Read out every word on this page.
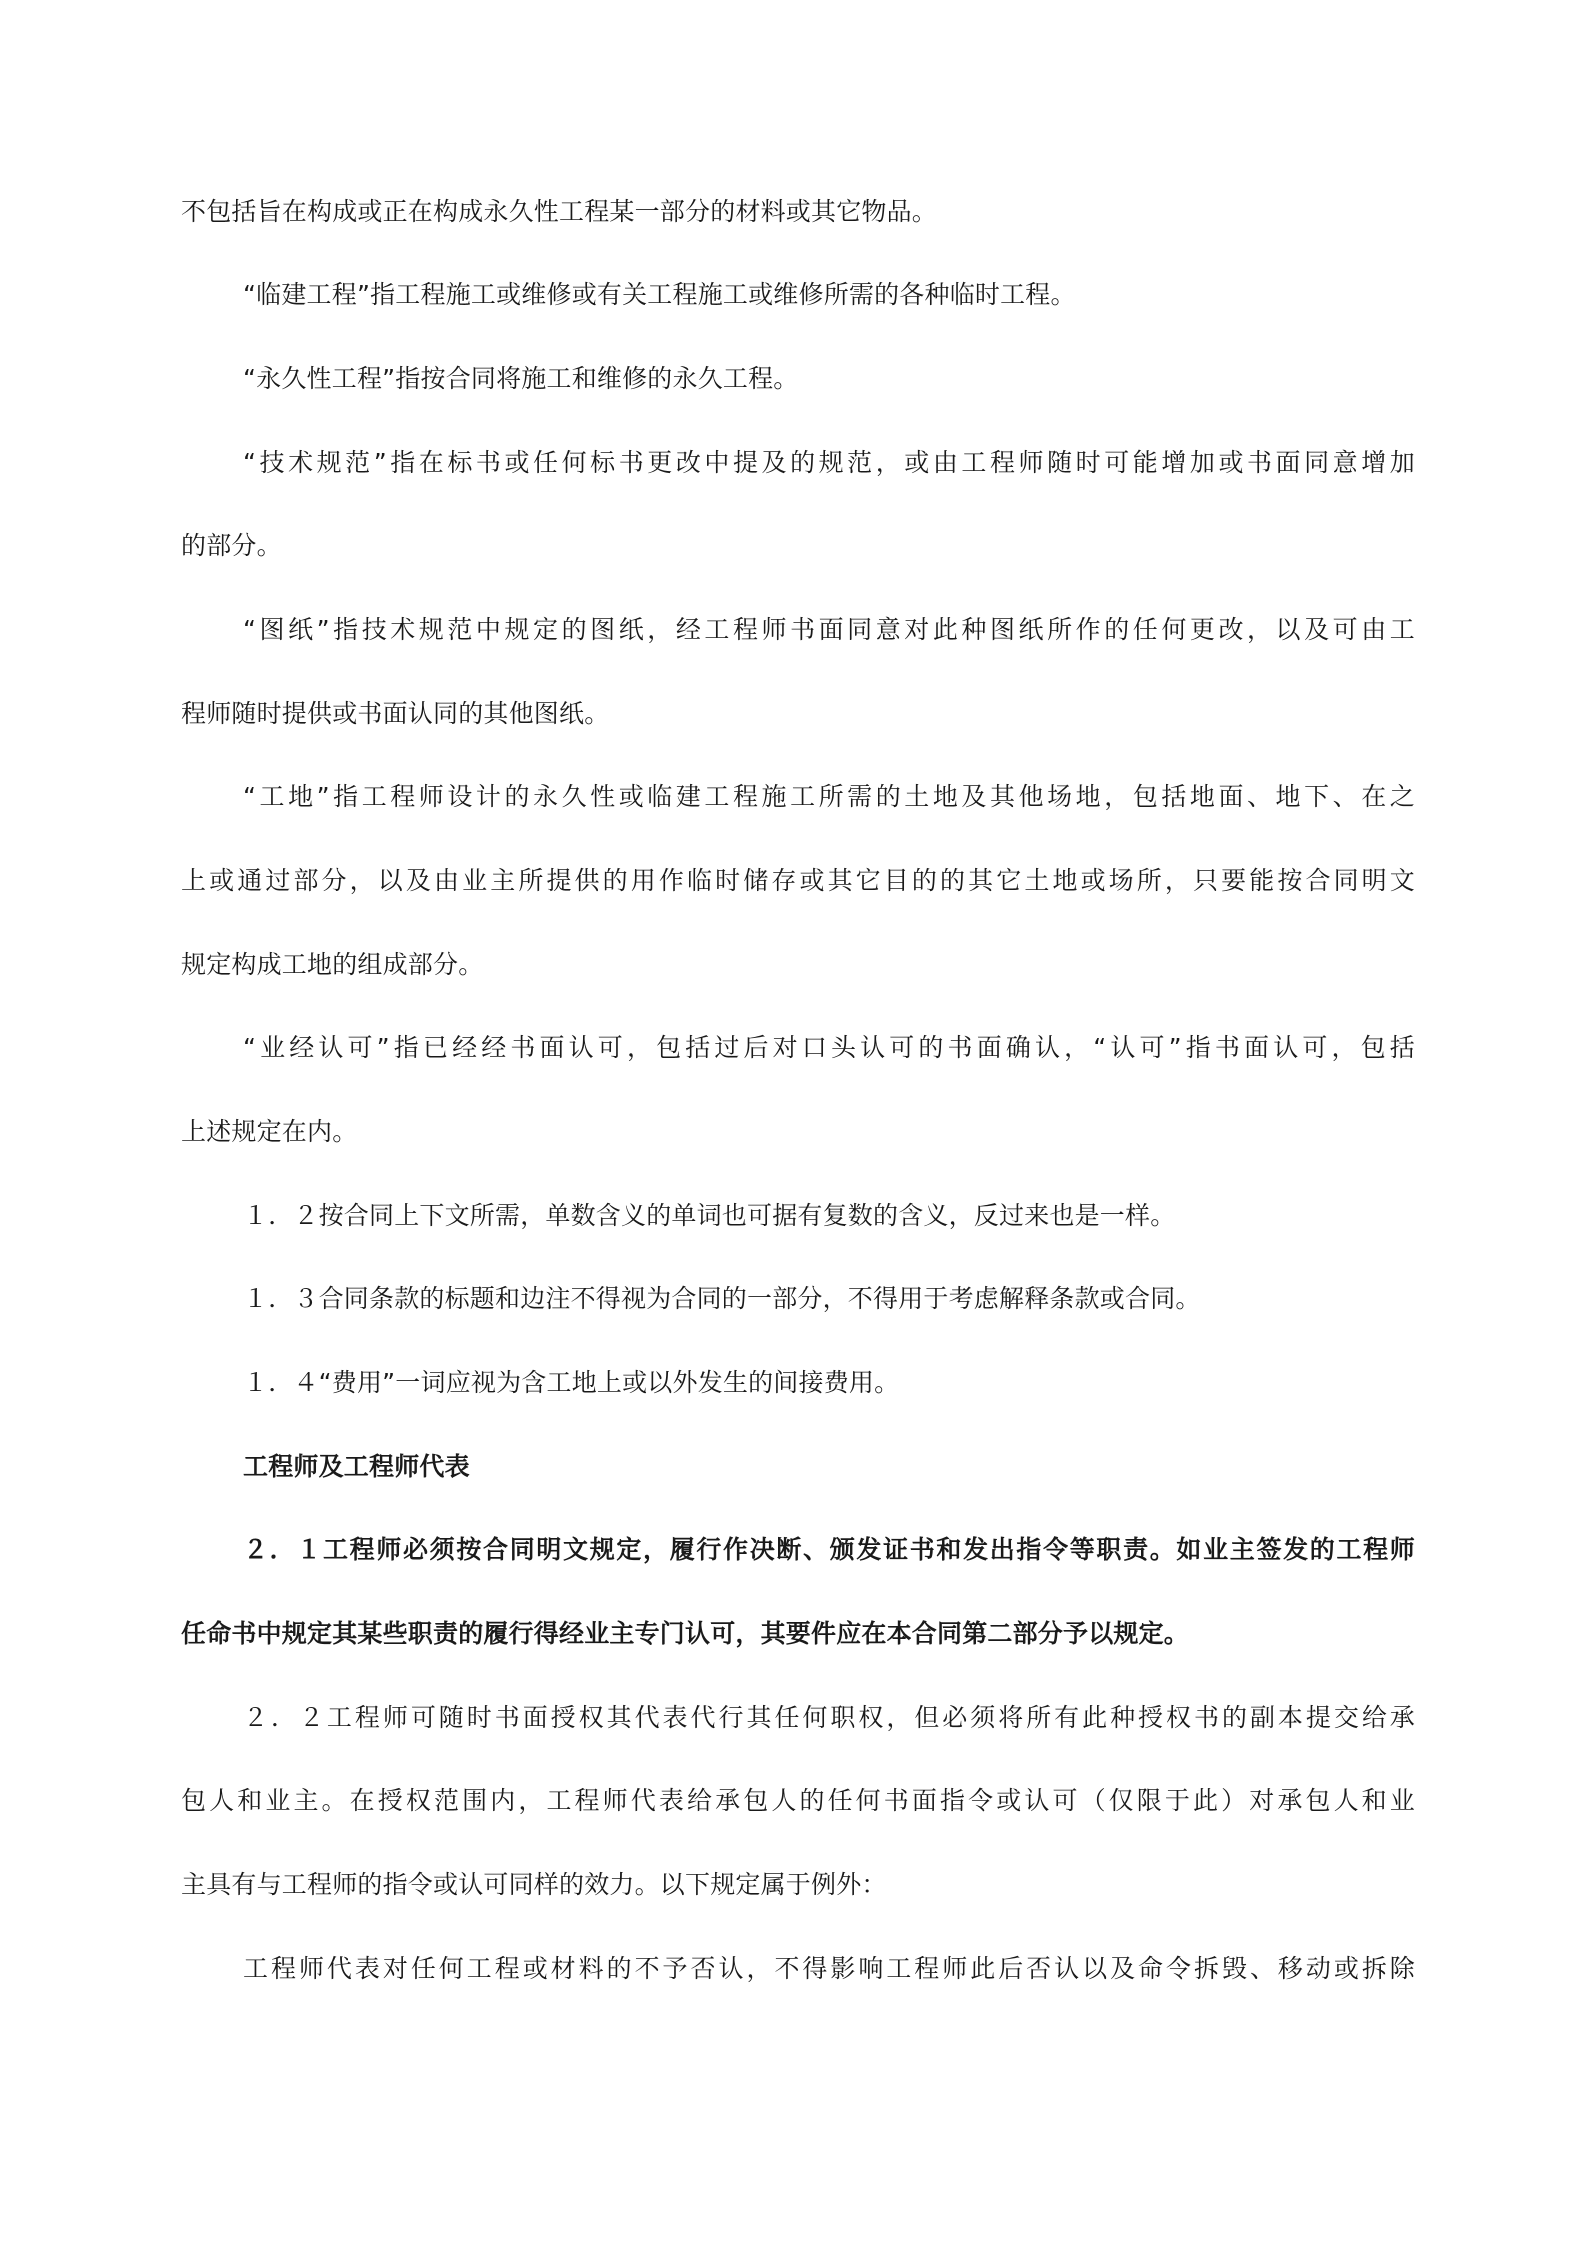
不包括旨在构成或正在构成永久性工程某一部分的材料或其它物品。
“临建工程”指工程施工或维修或有关工程施工或维修所需的各种临时工程。
“永久性工程”指按合同将施工和维修的永久工程。
“技术规范”指在标书或任何标书更改中提及的规范，或由工程师随时可能增加或书面同意增加
的部分。
“图纸”指技术规范中规定的图纸，经工程师书面同意对此种图纸所作的任何更改，以及可由工
程师随时提供或书面认同的其他图纸。
“工地”指工程师设计的永久性或临建工程施工所需的土地及其他场地，包括地面、地下、在之
上或通过部分，以及由业主所提供的用作临时储存或其它目的的其它土地或场所，只要能按合同明文
规定构成工地的组成部分。
“业经认可”指已经经书面认可，包括过后对口头认可的书面确认，“认可”指书面认可，包括
上述规定在内。
１．２按合同上下文所需，单数含义的单词也可据有复数的含义，反过来也是一样。
１．３合同条款的标题和边注不得视为合同的一部分，不得用于考虑解释条款或合同。
１．４“费用”一词应视为含工地上或以外发生的间接费用。
工程师及工程师代表
２．１工程师必须按合同明文规定，履行作决断、颁发证书和发出指令等职责。如业主签发的工程师
任命书中规定其某些职责的履行得经业主专门认可，其要件应在本合同第二部分予以规定。
２．２工程师可随时书面授权其代表代行其任何职权，但必须将所有此种授权书的副本提交给承
包人和业主。在授权范围内，工程师代表给承包人的任何书面指令或认可（仅限于此）对承包人和业
主具有与工程师的指令或认可同样的效力。以下规定属于例外：
工程师代表对任何工程或材料的不予否认，不得影响工程师此后否认以及命令拆毁、移动或拆除
